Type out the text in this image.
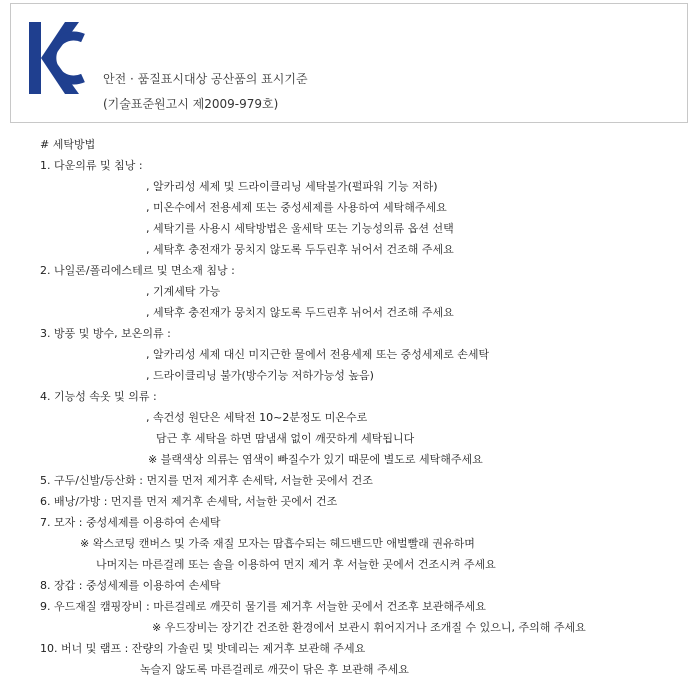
안전 · 품질표시대상 공산품의 표시기준
(기술표준원고시 제2009-979호)
# 세탁방법
1. 다운의류 및 침낭 :
, 알카리성 세제 및 드라이클리닝 세탁불가(펄파워 기능 저하)
, 미온수에서 전용세제 또는 중성세제를 사용하여 세탁해주세요
, 세탁기를 사용시 세탁방법은 울세탁 또는 기능성의류 옵션 선택
, 세탁후 충전재가 뭉치지 않도록 두두린후 뉘어서 건조해 주세요
2. 나일론/폴리에스테르 및 면소재 침낭 :
, 기계세탁 가능
, 세탁후 충전재가 뭉치지 않도록 두드린후 뉘어서 건조해 주세요
3. 방풍 및 방수, 보온의류 :
, 알카리성 세제 대신 미지근한 물에서 전용세제 또는 중성세제로 손세탁
, 드라이클리닝 불가(방수기능 저하가능성 높음)
4. 기능성 속옷 및 의류 :
, 속건성 원단은 세탁전 10~2분정도 미온수로
담근 후 세탁을 하면 땀냄새 없이 깨끗하게 세탁됩니다
※ 블랙색상 의류는 염색이 빠질수가 있기 때문에 별도로 세탁해주세요
5. 구두/신발/등산화 : 먼지를 먼저 제거후 손세탁, 서늘한 곳에서 건조
6. 배낭/가방 : 먼지를 먼저 제거후 손세탁, 서늘한 곳에서 건조
7. 모자 : 중성세제를 이용하여 손세탁
※ 왁스코팅 캔버스 및 가죽 재질 모자는 땀흡수되는 헤드밴드만 애벌빨래 권유하며
나머지는 마른걸레 또는 솔을 이용하여 먼지 제거 후 서늘한 곳에서 건조시켜 주세요
8. 장갑 : 중성세제를 이용하여 손세탁
9. 우드재질 캠핑장비 : 마른걸레로 깨끗히 물기를 제거후 서늘한 곳에서 건조후 보관해주세요
※ 우드장비는 장기간 건조한 환경에서 보관시 휘어지거나 조개질 수 있으니, 주의해 주세요
10. 버너 및 램프 : 잔량의 가솔린 및 밧데리는 제거후 보관해 주세요
녹슬지 않도록 마른걸레로 깨끗이 닦은 후 보관해 주세요
